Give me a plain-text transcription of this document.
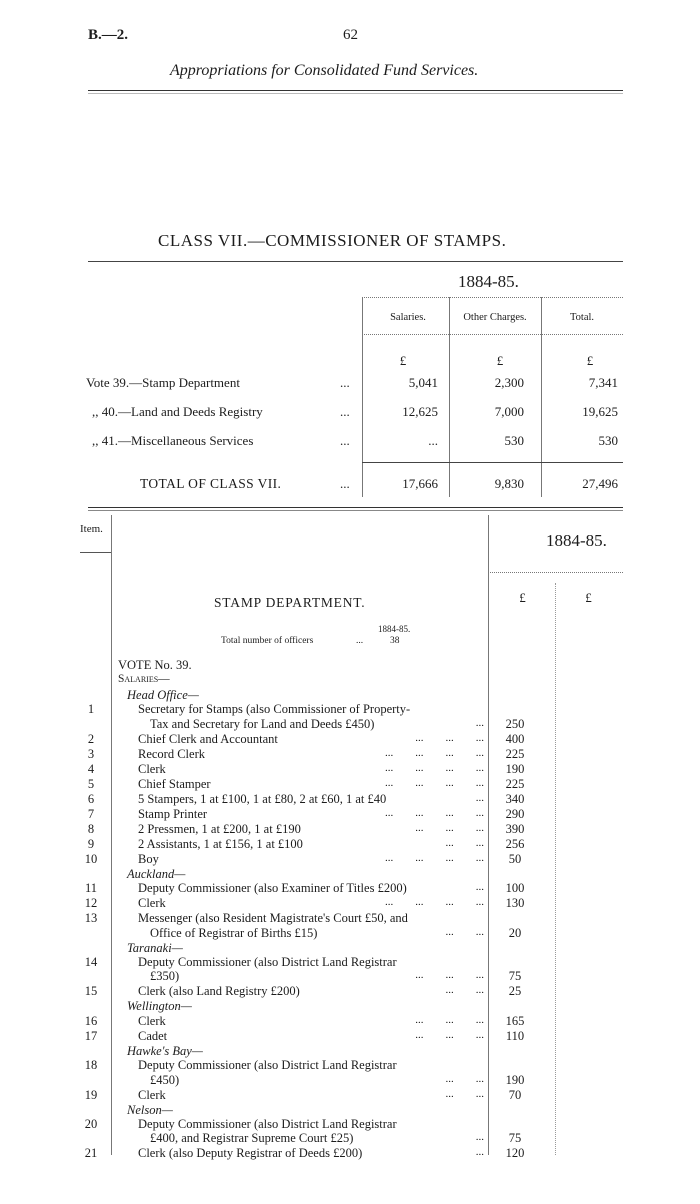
B.—2.	62
Appropriations for Consolidated Fund Services.
CLASS VII.—COMMISSIONER OF STAMPS.
1884-85.
Salaries.	Other Charges.	Total.
£	£	£
Vote 39.—Stamp Department	...	5,041	2,300	7,341
,, 40.—Land and Deeds Registry	...	12,625	7,000	19,625
,, 41.—Miscellaneous Services	...	...	530	530
TOTAL OF CLASS VII.	...	17,666	9,830	27,496
Item.
1884-85.
£	£
STAMP DEPARTMENT.
1884-85.
Total number of officers	...	38
VOTE No. 39.
Salaries—
Head Office—
1	Secretary for Stamps (also Commissioner of Property-
Tax and Secretary for Land and Deeds £450)	...	250
2	Chief Clerk and Accountant	...        ...        ...	400
3	Record Clerk	...        ...        ...        ...	225
4	Clerk	...        ...        ...        ...	190
5	Chief Stamper	...        ...        ...        ...	225
6	5 Stampers, 1 at £100, 1 at £80, 2 at £60, 1 at £40	...	340
7	Stamp Printer	...        ...        ...        ...	290
8	2 Pressmen, 1 at £200, 1 at £190	...        ...        ...	390
9	2 Assistants, 1 at £156, 1 at £100	...        ...	256
10	Boy	...        ...        ...        ...	50
Auckland—
11	Deputy Commissioner (also Examiner of Titles £200)	...	100
12	Clerk	...        ...        ...        ...	130
13	Messenger (also Resident Magistrate's Court £50, and
Office of Registrar of Births £15)	...        ...	20
Taranaki—
14	Deputy Commissioner (also District Land Registrar
£350)	...        ...        ...	75
15	Clerk (also Land Registry £200)	...        ...	25
Wellington—
16	Clerk	...        ...        ...	165
17	Cadet	...        ...        ...	110
Hawke's Bay—
18	Deputy Commissioner (also District Land Registrar
£450)	...        ...	190
19	Clerk	...        ...	70
Nelson—
20	Deputy Commissioner (also District Land Registrar
£400, and Registrar Supreme Court £25)	...	75
21	Clerk (also Deputy Registrar of Deeds £200)	...	120
